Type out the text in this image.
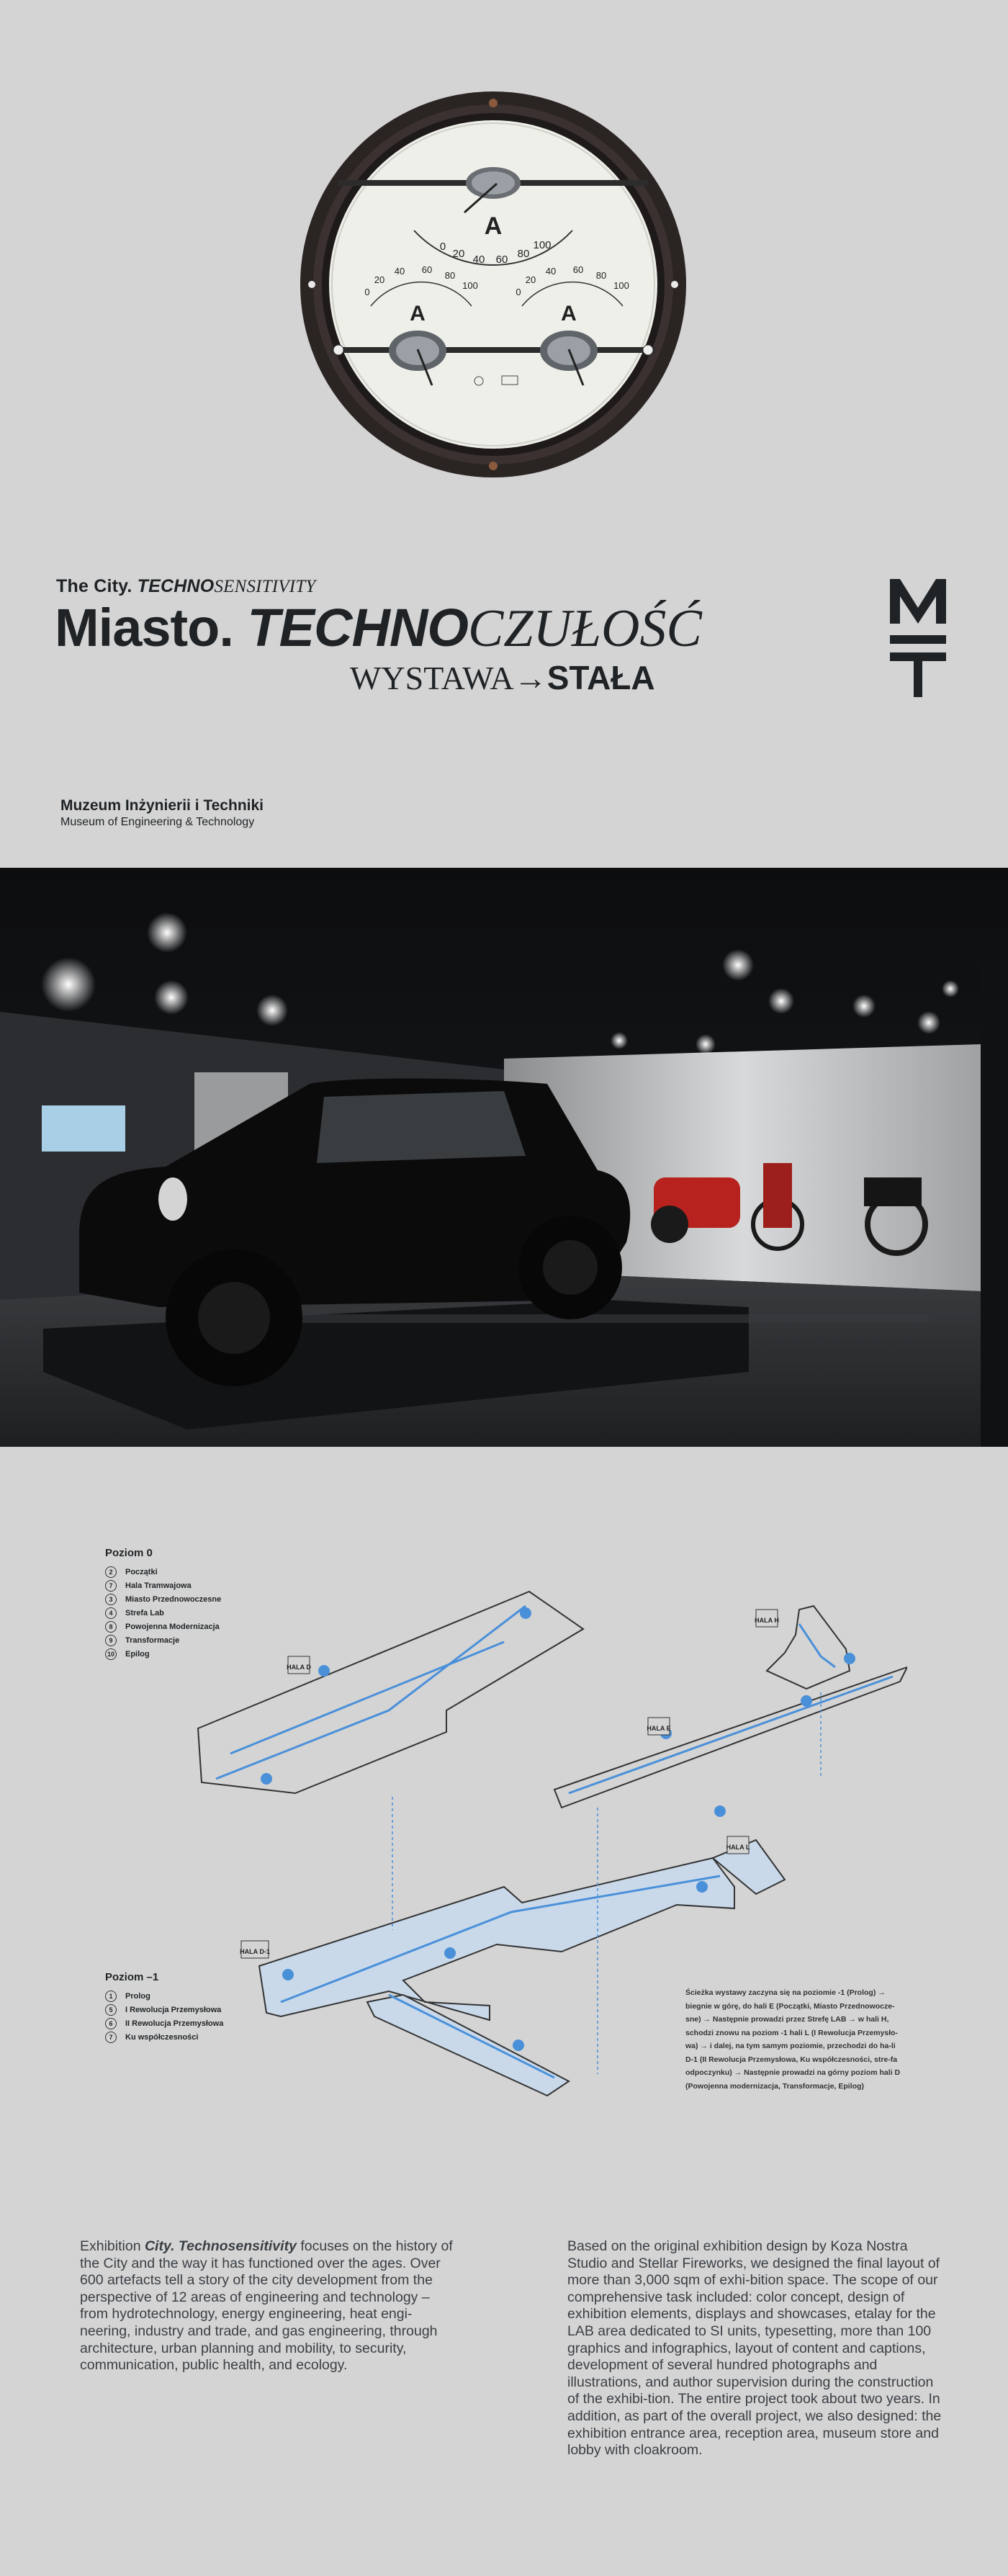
A
0
20 40 60 80
100
0
20
40 60
80
100
0
20
40 60
80
100
A	A
The City. TECHNOSENSITIVITY
Miasto. TECHNOCZUŁOŚĆ
WYSTAWA→STAŁA
Muzeum Inżynierii i Techniki
Museum of Engineering & Technology
HALA D
HALA H
HALA E
HALA D-1
HALA L
Poziom 0
2	Początki
7	Hala Tramwajowa
3	Miasto Przednowoczesne
4	Strefa Lab
8	Powojenna Modernizacja
9	Transformacje
10 Epilog
Poziom –1
1	Prolog
5	I Rewolucja Przemysłowa
6	II Rewolucja Przemysłowa
7	Ku współczesności
Ścieżka wystawy zaczyna się na poziomie -1 (Prolog) → biegnie w górę, do hali E (Początki, Miasto Przednowocze-sne) → Następnie prowadzi przez Strefę LAB → w hali H, schodzi znowu na poziom -1 hali L (I Rewolucja Przemysło-wa) → i dalej, na tym samym poziomie, przechodzi do ha-li D-1 (II Rewolucja Przemysłowa, Ku współczesności, stre-fa odpoczynku) → Następnie prowadzi na górny poziom hali D (Powojenna modernizacja, Transformacje, Epilog)
Exhibition City. Technosensitivity focuses on the history of the City and the way it has functioned over the ages. Over 600 artefacts tell a story of the city development from the perspective of 12 areas of engineering and technology – from hydrotechnology, energy engineering, heat engi-neering, industry and trade, and gas engineering, through architecture, urban planning and mobility, to security, communication, public health, and ecology.
Based on the original exhibition design by Koza Nostra Studio and Stellar Fireworks, we designed the final layout of more than 3,000 sqm of exhi-bition space. The scope of our comprehensive task included: color concept, design of exhibition elements, displays and showcases, etalay for the LAB area dedicated to SI units, typesetting, more than 100 graphics and infographics, layout of content and captions, development of several hundred photographs and illustrations, and author supervision during the construction of the exhibi-tion. The entire project took about two years. In addition, as part of the overall project, we also designed: the exhibition entrance area, reception area, museum store and lobby with cloakroom.
